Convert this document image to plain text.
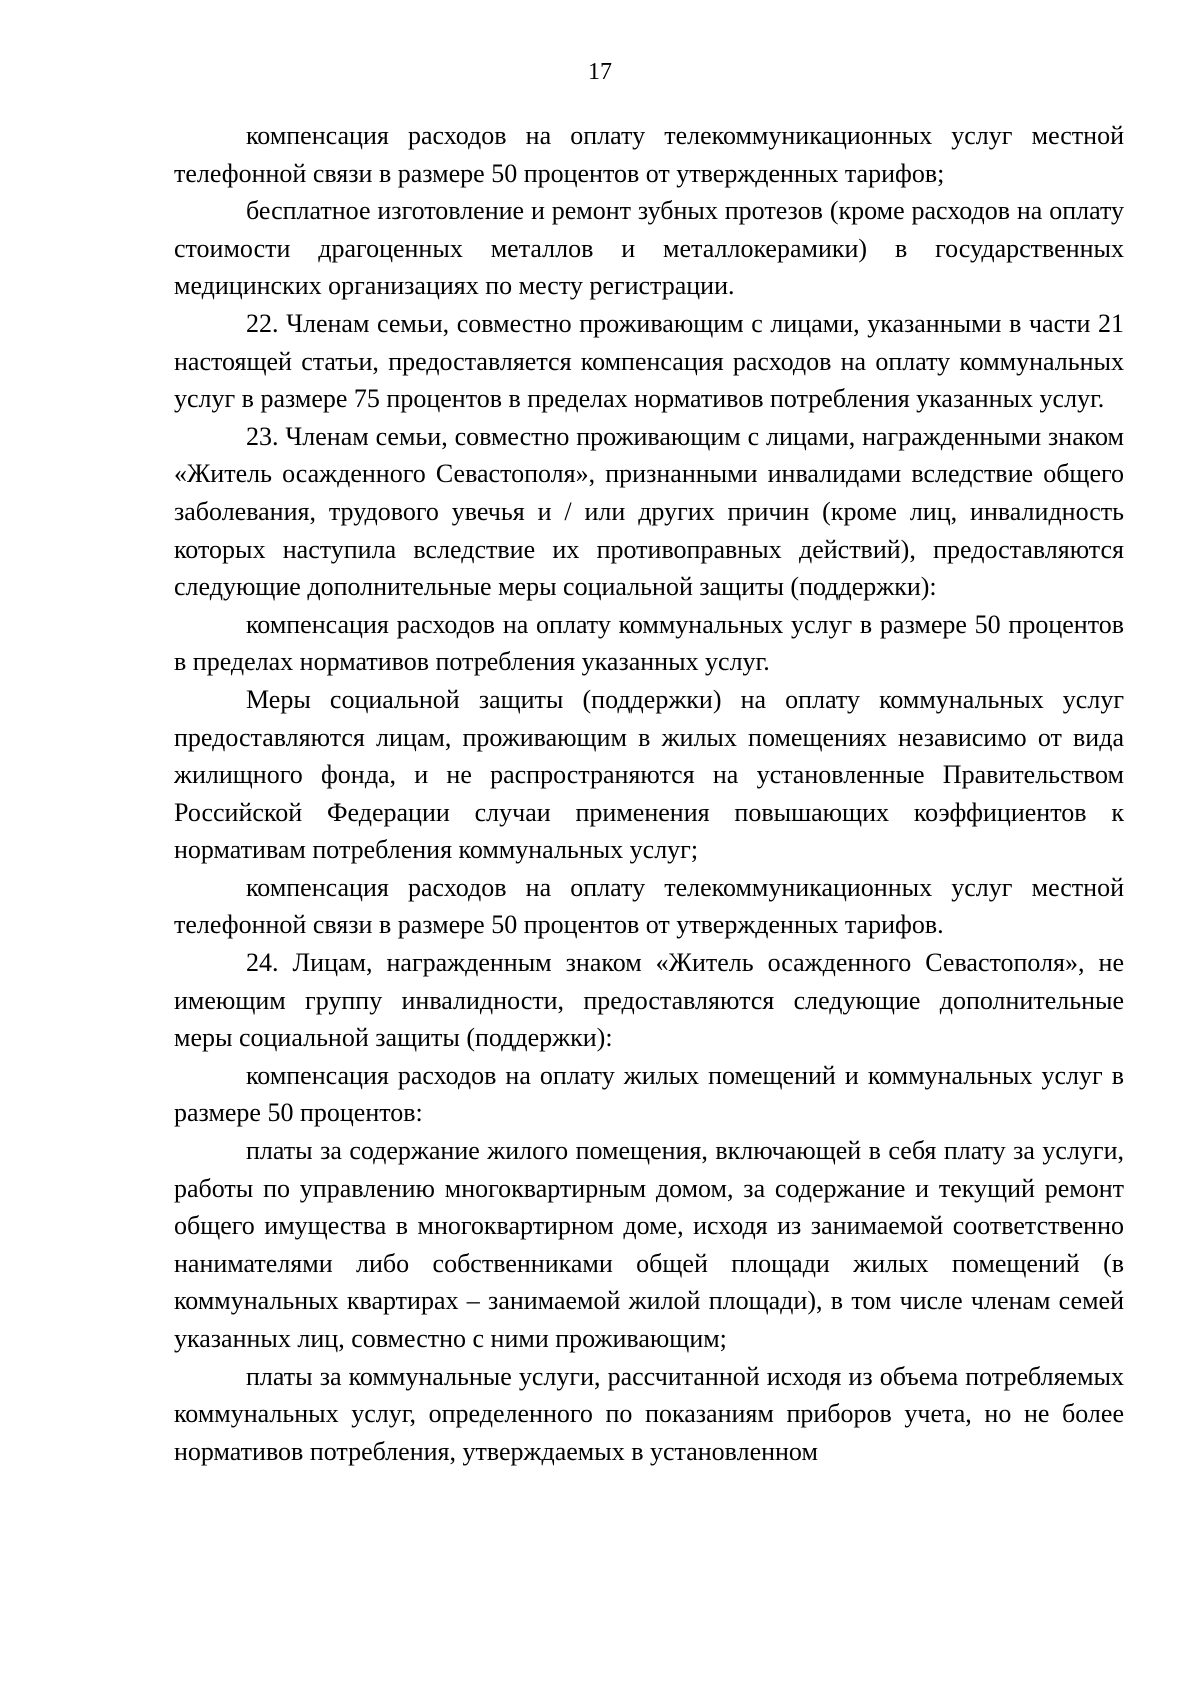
17

компенсация расходов на оплату телекоммуникационных услуг местной телефонной связи в размере 50 процентов от утвержденных тарифов;

бесплатное изготовление и ремонт зубных протезов (кроме расходов на оплату стоимости драгоценных металлов и металлокерамики) в государственных медицинских организациях по месту регистрации.

22. Членам семьи, совместно проживающим с лицами, указанными в части 21 настоящей статьи, предоставляется компенсация расходов на оплату коммунальных услуг в размере 75 процентов в пределах нормативов потребления указанных услуг.

23. Членам семьи, совместно проживающим с лицами, награжденными знаком «Житель осажденного Севастополя», признанными инвалидами вследствие общего заболевания, трудового увечья и / или других причин (кроме лиц, инвалидность которых наступила вследствие их противоправных действий), предоставляются следующие дополнительные меры социальной защиты (поддержки):

компенсация расходов на оплату коммунальных услуг в размере 50 процентов в пределах нормативов потребления указанных услуг.

Меры социальной защиты (поддержки) на оплату коммунальных услуг предоставляются лицам, проживающим в жилых помещениях независимо от вида жилищного фонда, и не распространяются на установленные Правительством Российской Федерации случаи применения повышающих коэффициентов к нормативам потребления коммунальных услуг;

компенсация расходов на оплату телекоммуникационных услуг местной телефонной связи в размере 50 процентов от утвержденных тарифов.

24. Лицам, награжденным знаком «Житель осажденного Севастополя», не имеющим группу инвалидности, предоставляются следующие дополнительные меры социальной защиты (поддержки):

компенсация расходов на оплату жилых помещений и коммунальных услуг в размере 50 процентов:

платы за содержание жилого помещения, включающей в себя плату за услуги, работы по управлению многоквартирным домом, за содержание и текущий ремонт общего имущества в многоквартирном доме, исходя из занимаемой соответственно нанимателями либо собственниками общей площади жилых помещений (в коммунальных квартирах – занимаемой жилой площади), в том числе членам семей указанных лиц, совместно с ними проживающим;

платы за коммунальные услуги, рассчитанной исходя из объема потребляемых коммунальных услуг, определенного по показаниям приборов учета, но не более нормативов потребления, утверждаемых в установленном
